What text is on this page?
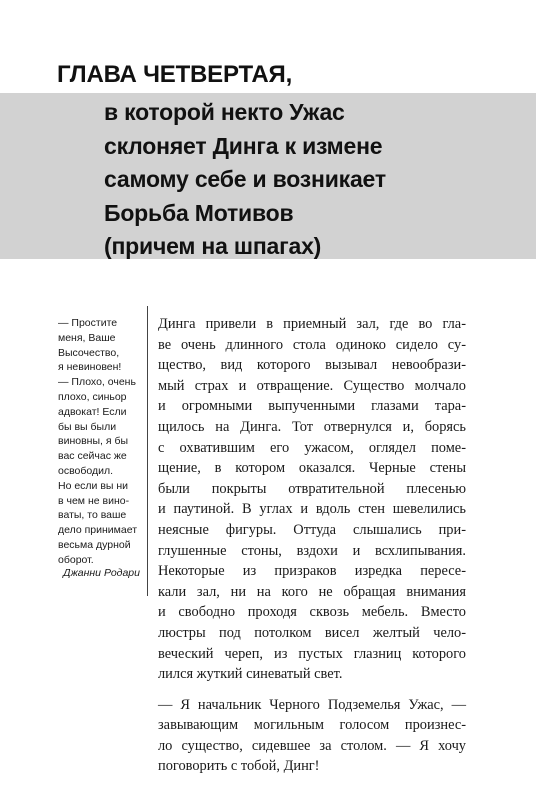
ГЛАВА ЧЕТВЕРТАЯ,
в которой некто Ужас
склоняет Динга к измене
самому себе и возникает
Борьба Мотивов
(причем на шпагах)
— Простите
меня, Ваше
Высочество,
я невиновен!
— Плохо, очень
плохо, синьор
адвокат! Если
бы вы были
виновны, я бы
вас сейчас же
освободил.
Но если вы ни
в чем не вино-
ваты, то ваше
дело принимает
весьма дурной
оборот.
Джанни Родари
Динга привели в приемный зал, где во гла-
ве очень длинного стола одиноко сидело су-
щество, вид которого вызывал невообрази-
мый страх и отвращение. Существо молчало
и огромными выпученными глазами тара-
щилось на Динга. Тот отвернулся и, борясь
с охватившим его ужасом, оглядел поме-
щение, в котором оказался. Черные стены
были покрыты отвратительной плесенью
и паутиной. В углах и вдоль стен шевелились
неясные фигуры. Оттуда слышались при-
глушенные стоны, вздохи и всхлипывания.
Некоторые из призраков изредка пересе-
кали зал, ни на кого не обращая внимания
и свободно проходя сквозь мебель. Вместо
люстры под потолком висел желтый чело-
веческий череп, из пустых глазниц которого
лился жуткий синеватый свет.
— Я начальник Черного Подземелья Ужас, —
завывающим могильным голосом произнес-
ло существо, сидевшее за столом. — Я хочу
поговорить с тобой, Динг!
